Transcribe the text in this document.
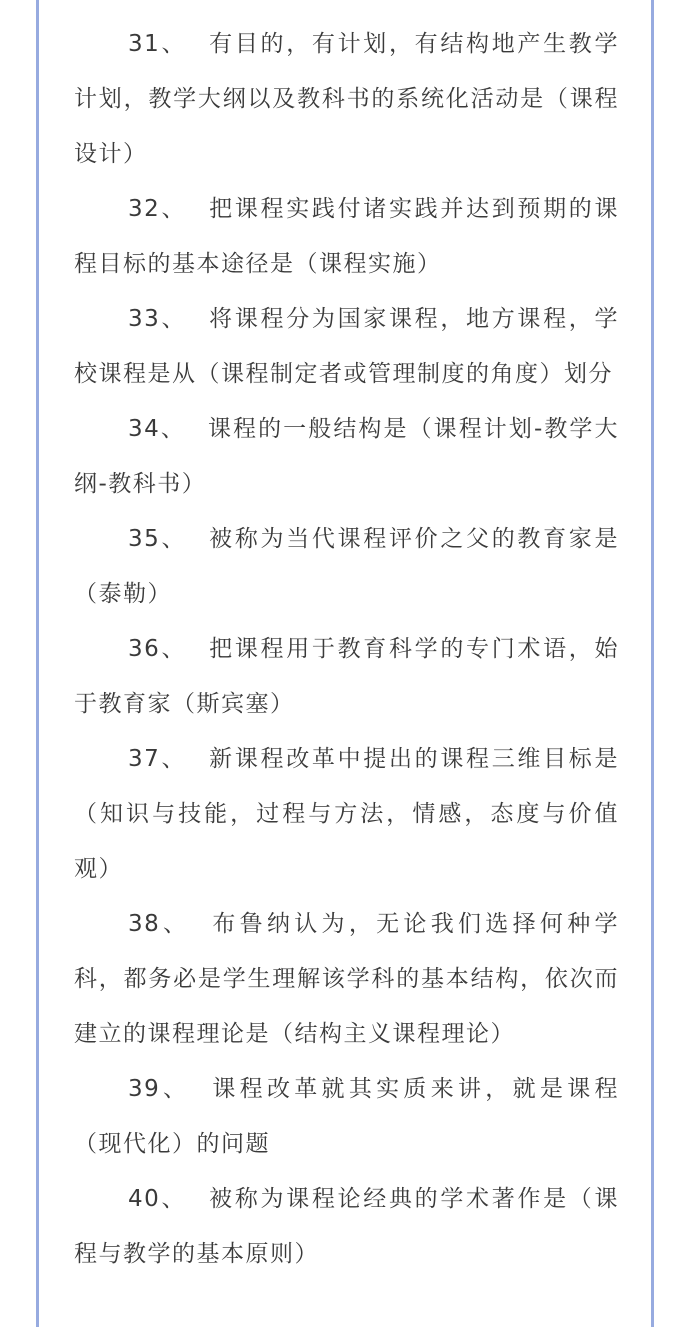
31、 有目的，有计划，有结构地产生教学计划，教学大纲以及教科书的系统化活动是（课程设计）

32、 把课程实践付诸实践并达到预期的课程目标的基本途径是（课程实施）

33、 将课程分为国家课程，地方课程，学校课程是从（课程制定者或管理制度的角度）划分

34、 课程的一般结构是（课程计划-教学大纲-教科书）

35、 被称为当代课程评价之父的教育家是（泰勒）

36、 把课程用于教育科学的专门术语，始于教育家（斯宾塞）

37、 新课程改革中提出的课程三维目标是（知识与技能，过程与方法，情感，态度与价值观）

38、 布鲁纳认为，无论我们选择何种学科，都务必是学生理解该学科的基本结构，依次而建立的课程理论是（结构主义课程理论）

39、 课程改革就其实质来讲，就是课程（现代化）的问题

40、 被称为课程论经典的学术著作是（课程与教学的基本原则）
